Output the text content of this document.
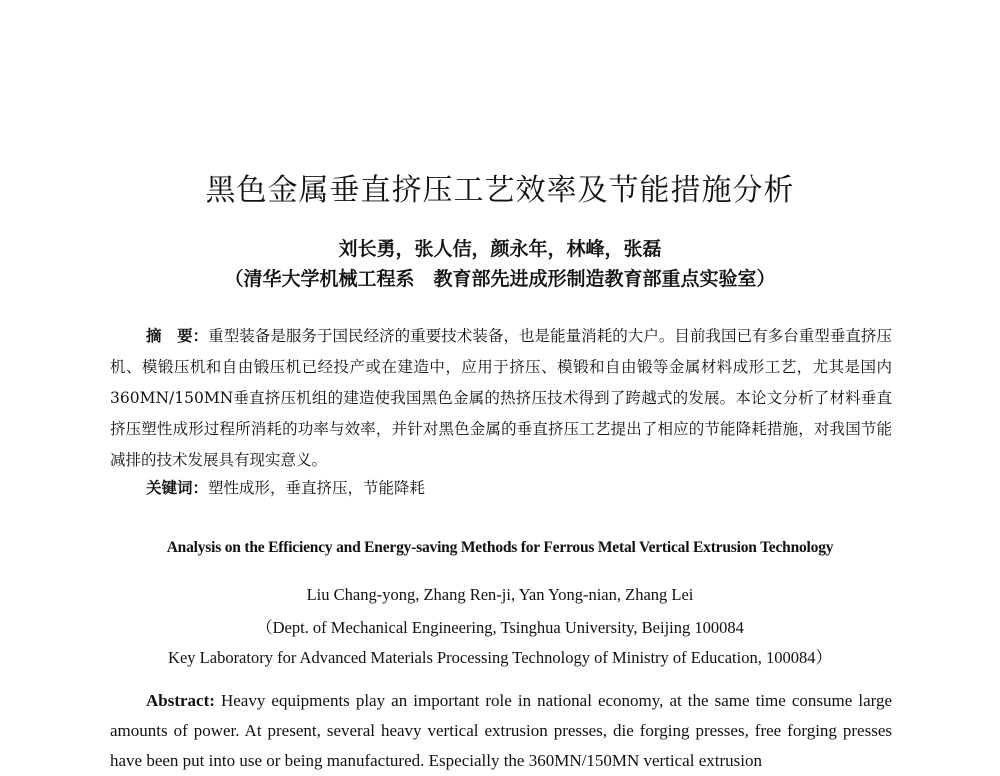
黑色金属垂直挤压工艺效率及节能措施分析
刘长勇，张人佶，颜永年，林峰，张磊
（清华大学机械工程系　教育部先进成形制造教育部重点实验室）
摘　要：重型装备是服务于国民经济的重要技术装备，也是能量消耗的大户。目前我国已有多台重型垂直挤压机、模锻压机和自由锻压机已经投产或在建造中，应用于挤压、模锻和自由锻等金属材料成形工艺，尤其是国内360MN/150MN垂直挤压机组的建造使我国黑色金属的热挤压技术得到了跨越式的发展。本论文分析了材料垂直挤压塑性成形过程所消耗的功率与效率，并针对黑色金属的垂直挤压工艺提出了相应的节能降耗措施，对我国节能减排的技术发展具有现实意义。
关键词：塑性成形，垂直挤压，节能降耗
Analysis on the Efficiency and Energy-saving Methods for Ferrous Metal Vertical Extrusion Technology
Liu Chang-yong, Zhang Ren-ji, Yan Yong-nian, Zhang Lei
（Dept. of Mechanical Engineering, Tsinghua University, Beijing 100084
Key Laboratory for Advanced Materials Processing Technology of Ministry of Education, 100084）
Abstract: Heavy equipments play an important role in national economy, at the same time consume large amounts of power. At present, several heavy vertical extrusion presses, die forging presses, free forging presses have been put into use or being manufactured. Especially the 360MN/150MN vertical extrusion
